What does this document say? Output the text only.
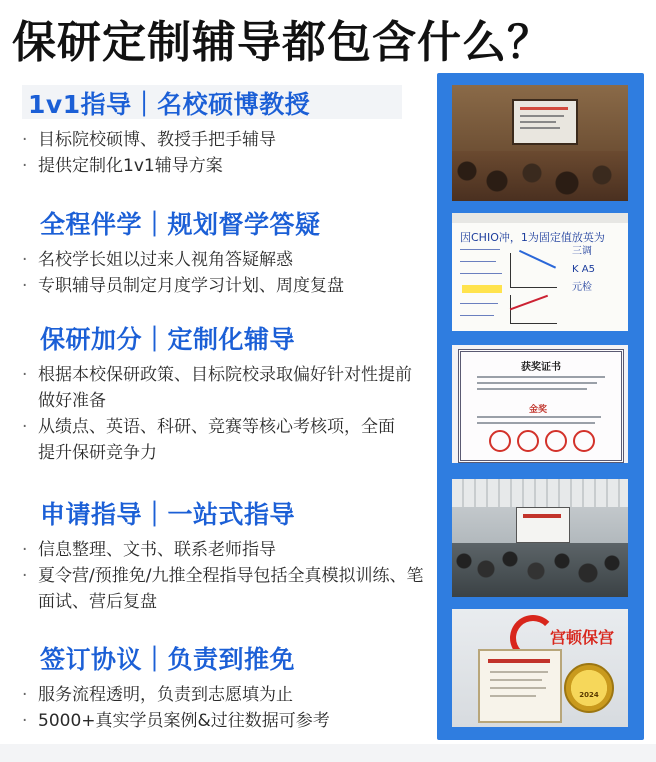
保研定制辅导都包含什么？
1v1指导｜名校硕博教授
· 目标院校硕博、教授手把手辅导
· 提供定制化1v1辅导方案
全程伴学｜规划督学答疑
· 名校学长姐以过来人视角答疑解惑
· 专职辅导员制定月度学习计划、周度复盘
保研加分｜定制化辅导
· 根据本校保研政策、目标院校录取偏好针对性提前做好准备
· 从绩点、英语、科研、竞赛等核心考核项，全面提升保研竞争力
申请指导｜一站式指导
· 信息整理、文书、联系老师指导
· 夏令营/预推免/九推全程指导包括全真模拟训练、笔面试、营后复盘
签订协议｜负责到推免
· 服务流程透明，负责到志愿填为止
· 5000+真实学员案例&过往数据可参考
因CHIO冲，1为固定值放英为
三调
K A5
元检
获奖证书
金奖
宫顿保宫
2024
